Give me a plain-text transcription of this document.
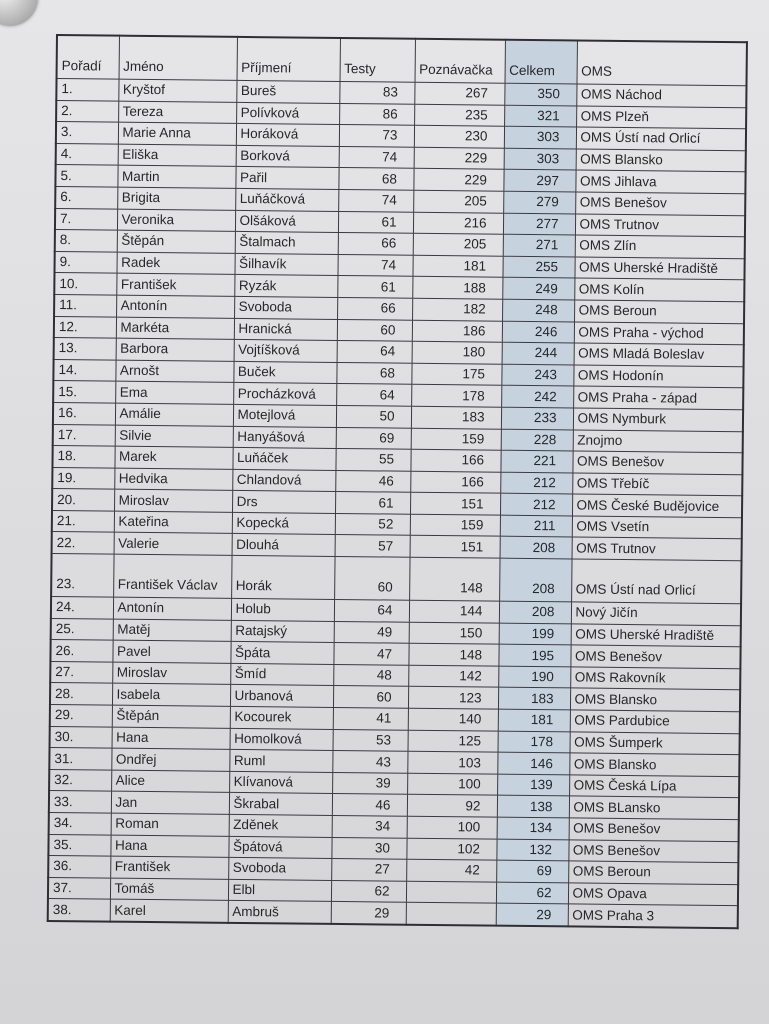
Pořadí	Jméno	Příjmení	Testy	Poznávačka	Celkem	OMS
1.	Kryštof	Bureš	83	267	350	OMS Náchod
2.	Tereza	Polívková	86	235	321	OMS Plzeň
3.	Marie Anna	Horáková	73	230	303	OMS Ústí nad Orlicí
4.	Eliška	Borková	74	229	303	OMS Blansko
5.	Martin	Pařil	68	229	297	OMS Jihlava
6.	Brigita	Luňáčková	74	205	279	OMS Benešov
7.	Veronika	Olšáková	61	216	277	OMS Trutnov
8.	Štěpán	Štalmach	66	205	271	OMS Zlín
9.	Radek	Šilhavík	74	181	255	OMS Uherské Hradiště
10.	František	Ryzák	61	188	249	OMS Kolín
11.	Antonín	Svoboda	66	182	248	OMS Beroun
12.	Markéta	Hranická	60	186	246	OMS Praha - východ
13.	Barbora	Vojtíšková	64	180	244	OMS Mladá Boleslav
14.	Arnošt	Buček	68	175	243	OMS Hodonín
15.	Ema	Procházková	64	178	242	OMS Praha - západ
16.	Amálie	Motejlová	50	183	233	OMS Nymburk
17.	Silvie	Hanyášová	69	159	228	Znojmo
18.	Marek	Luňáček	55	166	221	OMS Benešov
19.	Hedvika	Chlandová	46	166	212	OMS Třebíč
20.	Miroslav	Drs	61	151	212	OMS České Budějovice
21.	Kateřina	Kopecká	52	159	211	OMS Vsetín
22.	Valerie	Dlouhá	57	151	208	OMS Trutnov
23.	František Václav	Horák	60	148	208	OMS Ústí nad Orlicí
24.	Antonín	Holub	64	144	208	Nový Jičín
25.	Matěj	Ratajský	49	150	199	OMS Uherské Hradiště
26.	Pavel	Špáta	47	148	195	OMS Benešov
27.	Miroslav	Šmíd	48	142	190	OMS Rakovník
28.	Isabela	Urbanová	60	123	183	OMS Blansko
29.	Štěpán	Kocourek	41	140	181	OMS Pardubice
30.	Hana	Homolková	53	125	178	OMS Šumperk
31.	Ondřej	Ruml	43	103	146	OMS Blansko
32.	Alice	Klívanová	39	100	139	OMS Česká Lípa
33.	Jan	Škrabal	46	92	138	OMS BLansko
34.	Roman	Zděnek	34	100	134	OMS Benešov
35.	Hana	Špátová	30	102	132	OMS Benešov
36.	František	Svoboda	27	42	69	OMS Beroun
37.	Tomáš	Elbl	62		62	OMS Opava
38.	Karel	Ambruš	29		29	OMS Praha 3
